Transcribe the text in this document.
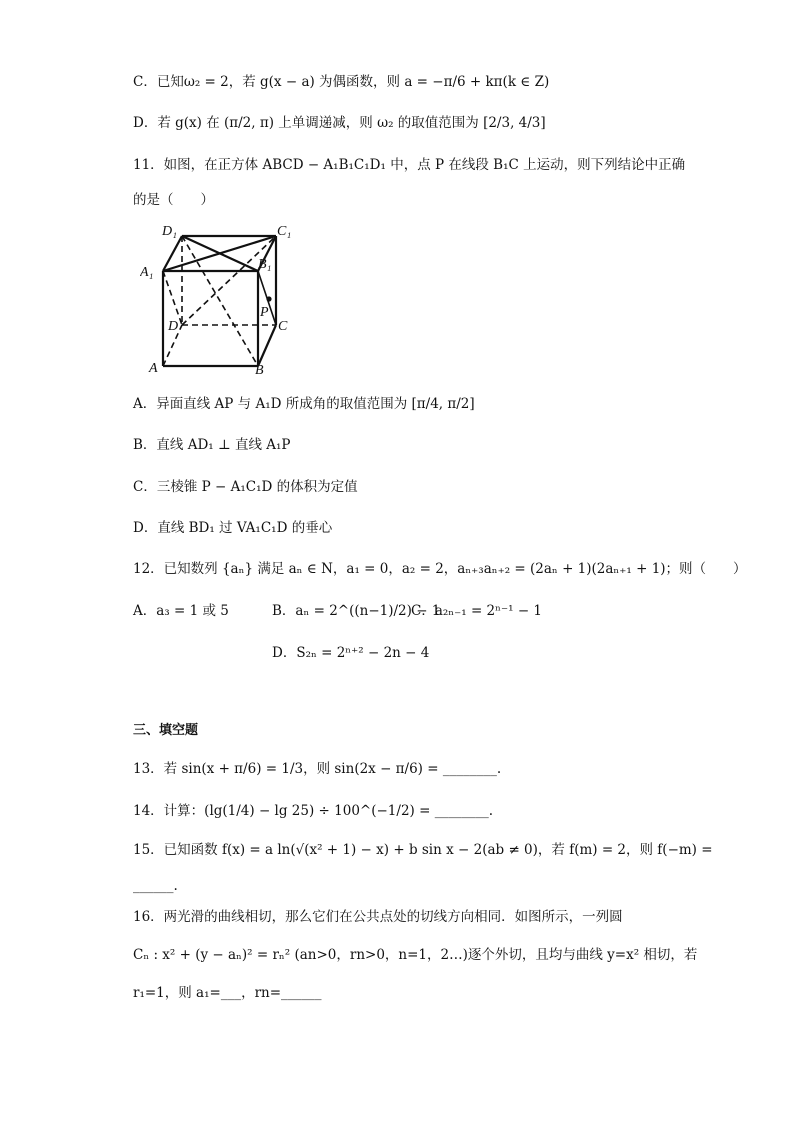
C．已知ω₂ = 2，若 g(x − a) 为偶函数，则 a = −π/6 + kπ(k ∈ Z)
D．若 g(x) 在 (π/2, π) 上单调递减，则 ω₂ 的取值范围为 [2/3, 4/3]
11．如图，在正方体 ABCD − A₁B₁C₁D₁ 中，点 P 在线段 B₁C 上运动，则下列结论中正确
的是（　　）
D₁	C₁
A₁
B₁
D	C
P
A	B
A．异面直线 AP 与 A₁D 所成角的取值范围为 [π/4, π/2]
B．直线 AD₁ ⊥ 直线 A₁P
C．三棱锥 P − A₁C₁D 的体积为定值
D．直线 BD₁ 过 VA₁C₁D 的垂心
12．已知数列 {aₙ} 满足 aₙ ∈ N，a₁ = 0，a₂ = 2，aₙ₊₃aₙ₊₂ = (2aₙ + 1)(2aₙ₊₁ + 1)；则（　　）
A．a₃ = 1 或 5	B．aₙ = 2^((n−1)/2) − 1
C．a₂ₙ₋₁ = 2ⁿ⁻¹ − 1
D．S₂ₙ = 2ⁿ⁺² − 2n − 4
三、填空题
13．若 sin(x + π/6) = 1/3，则 sin(2x − π/6) = ________.
14．计算：(lg(1/4) − lg 25) ÷ 100^(−1/2) = ________.
15．已知函数 f(x) = a ln(√(x² + 1) − x) + b sin x − 2(ab ≠ 0)，若 f(m) = 2，则 f(−m) =
______.
16．两光滑的曲线相切，那么它们在公共点处的切线方向相同．如图所示，一列圆
Cₙ : x² + (y − aₙ)² = rₙ² (an>0，rn>0，n=1，2…)逐个外切，且均与曲线 y=x² 相切，若
r₁=1，则 a₁=___，rn=______
